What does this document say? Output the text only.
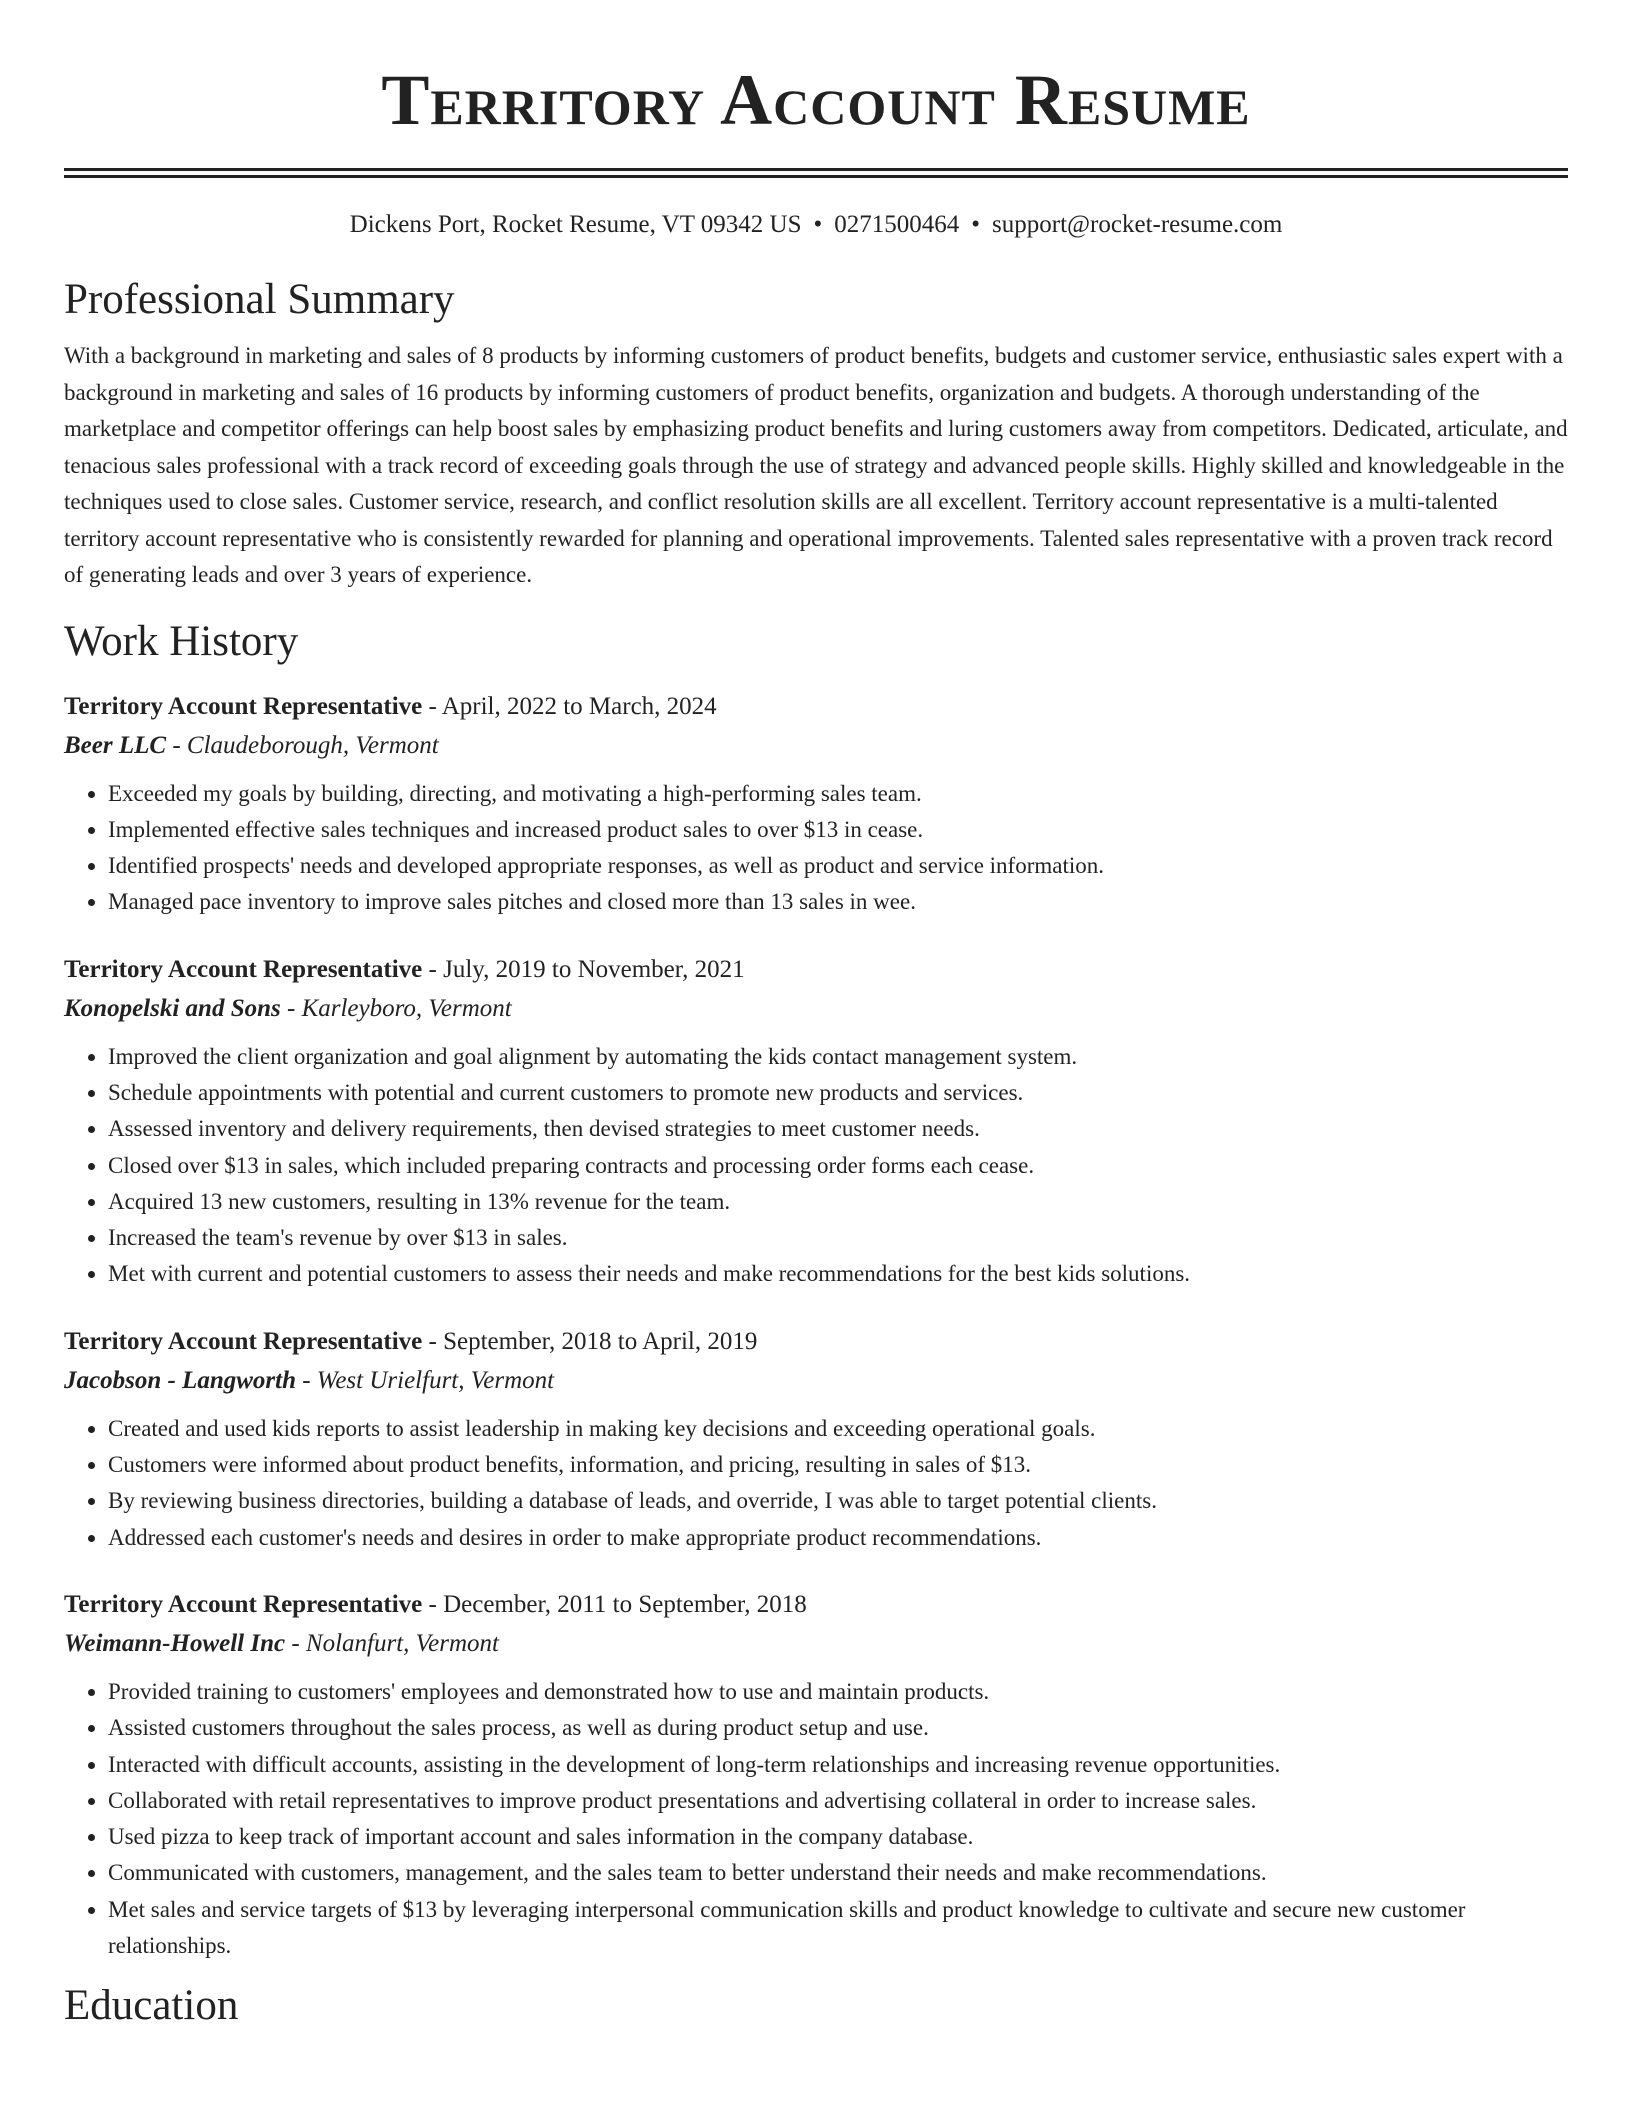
Territory Account Resume
Dickens Port, Rocket Resume, VT 09342 US • 0271500464 • support@rocket-resume.com
Professional Summary

With a background in marketing and sales of 8 products by informing customers of product benefits, budgets and customer service, enthusiastic sales expert with a background in marketing and sales of 16 products by informing customers of product benefits, organization and budgets. A thorough understanding of the marketplace and competitor offerings can help boost sales by emphasizing product benefits and luring customers away from competitors. Dedicated, articulate, and tenacious sales professional with a track record of exceeding goals through the use of strategy and advanced people skills. Highly skilled and knowledgeable in the techniques used to close sales. Customer service, research, and conflict resolution skills are all excellent. Territory account representative is a multi-talented territory account representative who is consistently rewarded for planning and operational improvements. Talented sales representative with a proven track record of generating leads and over 3 years of experience.

Work History
Territory Account Representative - April, 2022 to March, 2024
Beer LLC - Claudeborough, Vermont
• Exceeded my goals by building, directing, and motivating a high-performing sales team.
• Implemented effective sales techniques and increased product sales to over $13 in cease.
• Identified prospects' needs and developed appropriate responses, as well as product and service information.
• Managed pace inventory to improve sales pitches and closed more than 13 sales in wee.
Territory Account Representative - July, 2019 to November, 2021
Konopelski and Sons - Karleyboro, Vermont
• Improved the client organization and goal alignment by automating the kids contact management system.
• Schedule appointments with potential and current customers to promote new products and services.
• Assessed inventory and delivery requirements, then devised strategies to meet customer needs.
• Closed over $13 in sales, which included preparing contracts and processing order forms each cease.
• Acquired 13 new customers, resulting in 13% revenue for the team.
• Increased the team's revenue by over $13 in sales.
• Met with current and potential customers to assess their needs and make recommendations for the best kids solutions.
Territory Account Representative - September, 2018 to April, 2019
Jacobson - Langworth - West Urielfurt, Vermont
• Created and used kids reports to assist leadership in making key decisions and exceeding operational goals.
• Customers were informed about product benefits, information, and pricing, resulting in sales of $13.
• By reviewing business directories, building a database of leads, and override, I was able to target potential clients.
• Addressed each customer's needs and desires in order to make appropriate product recommendations.
Territory Account Representative - December, 2011 to September, 2018
Weimann-Howell Inc - Nolanfurt, Vermont
• Provided training to customers' employees and demonstrated how to use and maintain products.
• Assisted customers throughout the sales process, as well as during product setup and use.
• Interacted with difficult accounts, assisting in the development of long-term relationships and increasing revenue opportunities.
• Collaborated with retail representatives to improve product presentations and advertising collateral in order to increase sales.
• Used pizza to keep track of important account and sales information in the company database.
• Communicated with customers, management, and the sales team to better understand their needs and make recommendations.
• Met sales and service targets of $13 by leveraging interpersonal communication skills and product knowledge to cultivate and secure new customer relationships.
Education
